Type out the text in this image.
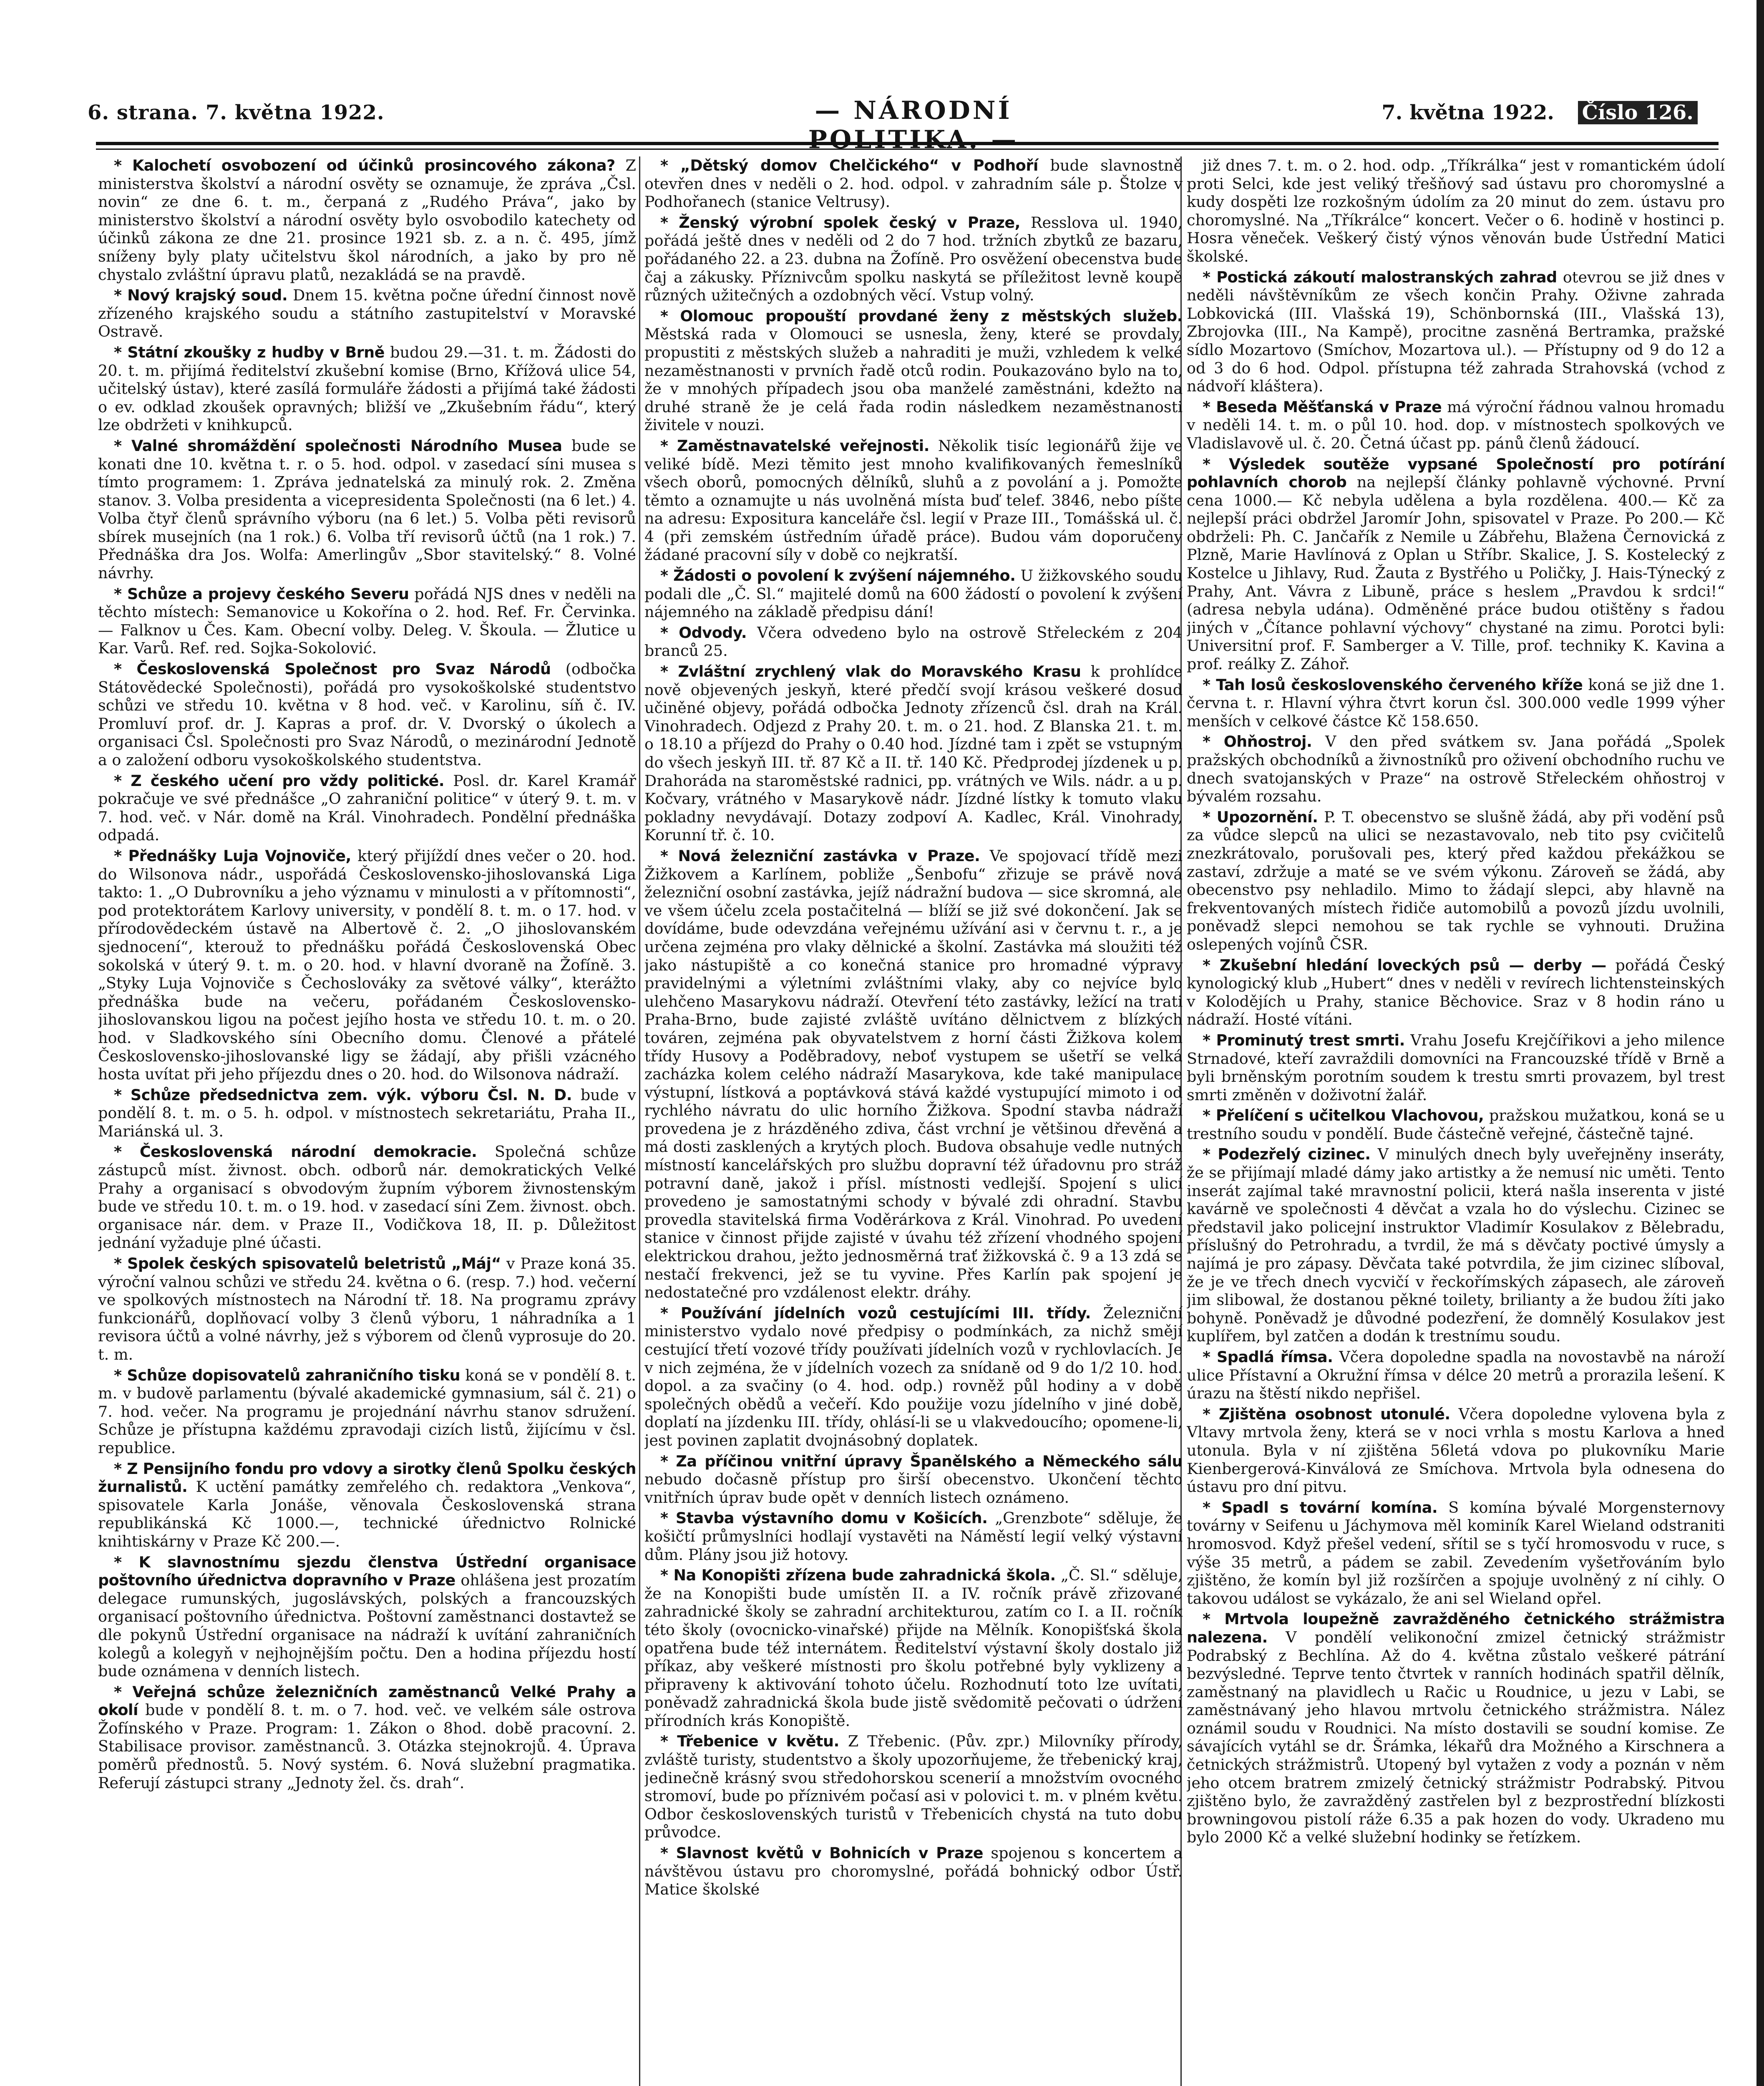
6. strana. 7. května 1922.	— NÁRODNÍ POLITIKA. —
7. května 1922. Číslo 126.

* Kalochetí osvobození od účinků prosincového zákona? Z ministerstva školství a národní osvěty se oznamuje, že zpráva „Čsl. novin“ ze dne 6. t. m., čerpaná z „Rudého Práva“, jako by ministerstvo školství a národní osvěty bylo osvobodilo katechety od účinků zákona ze dne 21. prosince 1921 sb. z. a n. č. 495, jímž sníženy byly platy učitelstvu škol národních, a jako by pro ně chystalo zvláštní úpravu platů, nezakládá se na pravdě.

* Nový krajský soud. Dnem 15. května počne úřední činnost nově zřízeného krajského soudu a státního zastupitelství v Moravské Ostravě.

* Státní zkoušky z hudby v Brně budou 29.—31. t. m. Žádosti do 20. t. m. přijímá ředitelství zkušební komise (Brno, Křížová ulice 54, učitelský ústav), které zasílá formuláře žádosti a přijímá také žádosti o ev. odklad zkoušek opravných; bližší ve „Zkušebním řádu“, který lze obdržeti v knihkupců.

* Valné shromáždění společnosti Národního Musea bude se konati dne 10. května t. r. o 5. hod. odpol. v zasedací síni musea s tímto programem: 1. Zpráva jednatelská za minulý rok. 2. Změna stanov. 3. Volba presidenta a vicepresidenta Společnosti (na 6 let.) 4. Volba čtyř členů správního výboru (na 6 let.) 5. Volba pěti revisorů sbírek musejních (na 1 rok.) 6. Volba tří revisorů účtů (na 1 rok.) 7. Přednáška dra Jos. Wolfa: Amerlingův „Sbor stavitelský.“ 8. Volné návrhy.

* Schůze a projevy českého Severu pořádá NJS dnes v neděli na těchto místech: Semanovice u Kokořína o 2. hod. Ref. Fr. Červinka. — Falknov u Čes. Kam. Obecní volby. Deleg. V. Škoula. — Žlutice u Kar. Varů. Ref. red. Sojka-Sokolović.

* Československá Společnost pro Svaz Národů (odbočka Státovědecké Společnosti), pořádá pro vysokoškolské studentstvo schůzi ve středu 10. května v 8 hod. več. v Karolinu, síň č. IV. Promluví prof. dr. J. Kapras a prof. dr. V. Dvorský o úkolech a organisaci Čsl. Společnosti pro Svaz Národů, o mezinárodní Jednotě a o založení odboru vysokoškolského studentstva.

* Z českého učení pro vždy politické. Posl. dr. Karel Kramář pokračuje ve své přednášce „O zahraniční politice“ v úterý 9. t. m. v 7. hod. več. v Nár. domě na Král. Vinohradech. Pondělní přednáška odpadá.

* Přednášky Luja Vojnoviče, který přijíždí dnes večer o 20. hod. do Wilsonova nádr., uspořádá Československo-jihoslovanská Liga takto: 1. „O Dubrovníku a jeho významu v minulosti a v přítomnosti“, pod protektorátem Karlovy university, v pondělí 8. t. m. o 17. hod. v přírodovědeckém ústavě na Albertově č. 2. „O jihoslovanském sjednocení“, kterouž to přednášku pořádá Československá Obec sokolská v úterý 9. t. m. o 20. hod. v hlavní dvoraně na Žofíně. 3. „Styky Luja Vojnoviče s Čechoslováky za světové války“, kterážto přednáška bude na večeru, pořádaném Československo-jihoslovanskou ligou na počest jejího hosta ve středu 10. t. m. o 20. hod. v Sladkovského síni Obecního domu. Členové a přátelé Československo-jihoslovanské ligy se žádají, aby přišli vzácného hosta uvítat při jeho příjezdu dnes o 20. hod. do Wilsonova nádraží.

* Schůze předsednictva zem. výk. výboru Čsl. N. D. bude v pondělí 8. t. m. o 5. h. odpol. v místnostech sekretariátu, Praha II., Mariánská ul. 3.

* Československá národní demokracie. Společná schůze zástupců míst. živnost. obch. odborů nár. demokratických Velké Prahy a organisací s obvodovým župním výborem živnostenským bude ve středu 10. t. m. o 19. hod. v zasedací síni Zem. živnost. obch. organisace nár. dem. v Praze II., Vodičkova 18, II. p. Důležitost jednání vyžaduje plné účasti.

* Spolek českých spisovatelů beletristů „Máj“ v Praze koná 35. výroční valnou schůzi ve středu 24. května o 6. (resp. 7.) hod. večerní ve spolkových místnostech na Národní tř. 18. Na programu zprávy funkcionářů, doplňovací volby 3 členů výboru, 1 náhradníka a 1 revisora účtů a volné návrhy, jež s výborem od členů vyprosuje do 20. t. m.

* Schůze dopisovatelů zahraničního tisku koná se v pondělí 8. t. m. v budově parlamentu (bývalé akademické gymnasium, sál č. 21) o 7. hod. večer. Na programu je projednání návrhu stanov sdružení. Schůze je přístupna každému zpravodaji cizích listů, žijícímu v čsl. republice.

* Z Pensijního fondu pro vdovy a sirotky členů Spolku českých žurnalistů. K uctění památky zemřelého ch. redaktora „Venkova“, spisovatele Karla Jonáše, věnovala Československá strana republikánská Kč 1000.—, technické úřednictvo Rolnické knihtiskárny v Praze Kč 200.—.

* K slavnostnímu sjezdu členstva Ústřední organisace poštovního úřednictva dopravního v Praze ohlášena jest prozatím delegace rumunských, jugoslávských, polských a francouzských organisací poštovního úřednictva. Poštovní zaměstnanci dostavtež se dle pokynů Ústřední organisace na nádraží k uvítání zahraničních kolegů a kolegyň v nejhojnějším počtu. Den a hodina příjezdu hostí bude oznámena v denních listech.

* Veřejná schůze železničních zaměstnanců Velké Prahy a okolí bude v pondělí 8. t. m. o 7. hod. več. ve velkém sále ostrova Žofínského v Praze. Program: 1. Zákon o 8hod. době pracovní. 2. Stabilisace provisor. zaměstnanců. 3. Otázka stejnokrojů. 4. Úprava poměrů přednostů. 5. Nový systém. 6. Nová služební pragmatika. Referují zástupci strany „Jednoty žel. čs. drah“.

* „Dětský domov Chelčického“ v Podhoří bude slavnostně otevřen dnes v neděli o 2. hod. odpol. v zahradním sále p. Štolze v Podhořanech (stanice Veltrusy).

* Ženský výrobní spolek český v Praze, Resslova ul. 1940, pořádá ještě dnes v neděli od 2 do 7 hod. tržních zbytků ze bazaru, pořádaného 22. a 23. dubna na Žofíně. Pro osvěžení obecenstva bude čaj a zákusky. Příznivcům spolku naskytá se příležitost levně koupě různých užitečných a ozdobných věcí. Vstup volný.

* Olomouc propouští provdané ženy z městských služeb. Městská rada v Olomouci se usnesla, ženy, které se provdaly, propustiti z městských služeb a nahraditi je muži, vzhledem k velké nezaměstnanosti v prvních řadě otců rodin. Poukazováno bylo na to, že v mnohých případech jsou oba manželé zaměstnáni, kdežto na druhé straně že je celá řada rodin následkem nezaměstnanosti živitele v nouzi.

* Zaměstnavatelské veřejnosti. Několik tisíc legionářů žije ve veliké bídě. Mezi těmito jest mnoho kvalifikovaných řemeslníků všech oborů, pomocných dělníků, sluhů a z povolání a j. Pomožte těmto a oznamujte u nás uvolněná místa buď telef. 3846, nebo píšte na adresu: Expositura kanceláře čsl. legií v Praze III., Tomášská ul. č. 4 (při zemském ústředním úřadě práce). Budou vám doporučeny žádané pracovní síly v době co nejkratší.

* Žádosti o povolení k zvýšení nájemného. U žižkovského soudu podali dle „Č. Sl.“ majitelé domů na 600 žádostí o povolení k zvýšení nájemného na základě předpisu dání!

* Odvody. Včera odvedeno bylo na ostrově Střeleckém z 204 branců 25.

* Zvláštní zrychlený vlak do Moravského Krasu k prohlídce nově objevených jeskyň, které předčí svojí krásou veškeré dosud učiněné objevy, pořádá odbočka Jednoty zřízenců čsl. drah na Král. Vinohradech. Odjezd z Prahy 20. t. m. o 21. hod. Z Blanska 21. t. m. o 18.10 a příjezd do Prahy o 0.40 hod. Jízdné tam i zpět se vstupným do všech jeskyň III. tř. 87 Kč a II. tř. 140 Kč. Předprodej jízdenek u p. Drahoráda na staroměstské radnici, pp. vrátných ve Wils. nádr. a u p. Kočvary, vrátného v Masarykově nádr. Jízdné lístky k tomuto vlaku pokladny nevydávají. Dotazy zodpoví A. Kadlec, Král. Vinohrady, Korunní tř. č. 10.

* Nová železniční zastávka v Praze. Ve spojovací třídě mezi Žižkovem a Karlínem, pobliže „Šenbofu“ zřizuje se právě nová železniční osobní zastávka, jejíž nádražní budova — sice skromná, ale ve všem účelu zcela postačitelná — blíží se již své dokončení. Jak se dovídáme, bude odevzdána veřejnému užívání asi v červnu t. r., a je určena zejména pro vlaky dělnické a školní. Zastávka má sloužiti též jako nástupiště a co konečná stanice pro hromadné výpravy pravidelnými a výletními zvláštními vlaky, aby co nejvíce bylo ulehčeno Masarykovu nádraží. Otevření této zastávky, ležící na trati Praha-Brno, bude zajisté zvláště uvítáno dělnictvem z blízkých továren, zejména pak obyvatelstvem z horní části Žižkova kolem třídy Husovy a Poděbradovy, neboť vystupem se ušetří se velká zacházka kolem celého nádraží Masarykova, kde také manipulace výstupní, lístková a poptávková stává každé vystupující mimoto i od rychlého návratu do ulic horního Žižkova. Spodní stavba nádraží provedena je z hrázděného zdiva, část vrchní je většinou dřevěná a má dosti zasklených a krytých ploch. Budova obsahuje vedle nutných místností kancelářských pro službu dopravní též úřadovnu pro stráž potravní daně, jakož i přísl. místnosti vedlejší. Spojení s ulicí provedeno je samostatnými schody v bývalé zdi ohradní. Stavbu provedla stavitelská firma Voděrárkova z Král. Vinohrad. Po uvedení stanice v činnost přijde zajisté v úvahu též zřízení vhodného spojení elektrickou drahou, ježto jednosměrná trať žižkovská č. 9 a 13 zdá se nestačí frekvenci, jež se tu vyvine. Přes Karlín pak spojení je nedostatečné pro vzdálenost elektr. dráhy.

* Používání jídelních vozů cestujícími III. třídy. Železniční ministerstvo vydalo nové předpisy o podmínkách, za nichž smějí cestující třetí vozové třídy používati jídelních vozů v rychlovlacích. Je v nich zejména, že v jídelních vozech za snídaně od 9 do 1/2 10. hod. dopol. a za svačiny (o 4. hod. odp.) rovněž půl hodiny a v době společných obědů a večeří. Kdo použije vozu jídelního v jiné době, doplatí na jízdenku III. třídy, ohlásí-li se u vlakvedoucího; opomene-li, jest povinen zaplatit dvojnásobný doplatek.

* Za příčinou vnitřní úpravy Španělského a Německého sálu nebudo dočasně přístup pro širší obecenstvo. Ukončení těchto vnitřních úprav bude opět v denních listech oznámeno.

* Stavba výstavního domu v Košicích. „Grenzbote“ sděluje, že košičtí průmyslníci hodlají vystavěti na Náměstí legií velký výstavní dům. Plány jsou již hotovy.

* Na Konopišti zřízena bude zahradnická škola. „Č. Sl.“ sděluje, že na Konopišti bude umístěn II. a IV. ročník právě zřizované zahradnické školy se zahradní architekturou, zatím co I. a II. ročník této školy (ovocnicko-vinařské) přijde na Mělník. Konopišťská škola opatřena bude též internátem. Ředitelství výstavní školy dostalo již příkaz, aby veškeré místnosti pro školu potřebné byly vyklizeny a připraveny k aktivování tohoto účelu. Rozhodnutí toto lze uvítati, poněvadž zahradnická škola bude jistě svědomitě pečovati o údržení přírodních krás Konopiště.

* Třebenice v květu. Z Třebenic. (Pův. zpr.) Milovníky přírody, zvláště turisty, studentstvo a školy upozorňujeme, že třebenický kraj, jedinečně krásný svou středohorskou scenerií a množstvím ovocného stromoví, bude po příznivém počasí asi v polovici t. m. v plném květu. Odbor československých turistů v Třebenicích chystá na tuto dobu průvodce.

* Slavnost květů v Bohnicích v Praze spojenou s koncertem a návštěvou ústavu pro choromyslné, pořádá bohnický odbor Ústř. Matice školské

již dnes 7. t. m. o 2. hod. odp. „Tříkrálka“ jest v romantickém údolí proti Selci, kde jest veliký třešňový sad ústavu pro choromyslné a kudy dospěti lze rozkošným údolím za 20 minut do zem. ústavu pro choromyslné. Na „Tříkrálce“ koncert. Večer o 6. hodině v hostinci p. Hosra věneček. Veškerý čistý výnos věnován bude Ústřední Matici školské.

* Postická zákoutí malostranských zahrad otevrou se již dnes v neděli návštěvníkům ze všech končin Prahy. Oživne zahrada Lobkovická (III. Vlašská 19), Schönbornská (III., Vlašská 13), Zbrojovka (III., Na Kampě), procitne zasněná Bertramka, pražské sídlo Mozartovo (Smíchov, Mozartova ul.). — Přístupny od 9 do 12 a od 3 do 6 hod. Odpol. přístupna též zahrada Strahovská (vchod z nádvoří kláštera).

* Beseda Měšťanská v Praze má výroční řádnou valnou hromadu v neděli 14. t. m. o půl 10. hod. dop. v místnostech spolkových ve Vladislavově ul. č. 20. Četná účast pp. pánů členů žádoucí.

* Výsledek soutěže vypsané Společností pro potírání pohlavních chorob na nejlepší články pohlavně výchovné. První cena 1000.— Kč nebyla udělena a byla rozdělena. 400.— Kč za nejlepší práci obdržel Jaromír John, spisovatel v Praze. Po 200.— Kč obdrželi: Ph. C. Jančařík z Nemile u Zábřehu, Blažena Černovická z Plzně, Marie Havlínová z Oplan u Stříbr. Skalice, J. S. Kostelecký z Kostelce u Jihlavy, Rud. Žauta z Bystřého u Poličky, J. Hais-Týnecký z Prahy, Ant. Vávra z Libuně, práce s heslem „Pravdou k srdci!“ (adresa nebyla udána). Odměněné práce budou otištěny s řadou jiných v „Čítance pohlavní výchovy“ chystané na zimu. Porotci byli: Universitní prof. F. Samberger a V. Tille, prof. techniky K. Kavina a prof. reálky Z. Záhoř.

* Tah losů československého červeného kříže koná se již dne 1. června t. r. Hlavní výhra čtvrt korun čsl. 300.000 vedle 1999 výher menších v celkové částce Kč 158.650.

* Ohňostroj. V den před svátkem sv. Jana pořádá „Spolek pražských obchodníků a živnostníků pro oživení obchodního ruchu ve dnech svatojanských v Praze“ na ostrově Střeleckém ohňostroj v bývalém rozsahu.

* Upozornění. P. T. obecenstvo se slušně žádá, aby při vodění psů za vůdce slepců na ulici se nezastavovalo, neb tito psy cvičitelů znezkrátovalo, porušovali pes, který před každou překážkou se zastaví, zdržuje a maté se ve svém výkonu. Zároveň se žádá, aby obecenstvo psy nehladilo. Mimo to žádají slepci, aby hlavně na frekventovaných místech řidiče automobilů a povozů jízdu uvolnili, poněvadž slepci nemohou se tak rychle se vyhnouti. Družina oslepených vojínů ČSR.

* Zkušební hledání loveckých psů — derby — pořádá Český kynologický klub „Hubert“ dnes v neděli v revírech lichtensteinských v Kolodějích u Prahy, stanice Běchovice. Sraz v 8 hodin ráno u nádraží. Hosté vítáni.

* Prominutý trest smrti. Vrahu Josefu Krejčířikovi a jeho milence Strnadové, kteří zavraždili domovníci na Francouzské třídě v Brně a byli brněnským porotním soudem k trestu smrti provazem, byl trest smrti změněn v doživotní žalář.

* Přelíčení s učitelkou Vlachovou, pražskou mužatkou, koná se u trestního soudu v pondělí. Bude částečně veřejné, částečně tajné.

* Podezřelý cizinec. V minulých dnech byly uveřejněny inseráty, že se přijímají mladé dámy jako artistky a že nemusí nic uměti. Tento inserát zajímal také mravnostní policii, která našla inserenta v jisté kavárně ve společnosti 4 děvčat a vzala ho do výslechu. Cizinec se představil jako policejní instruktor Vladimír Kosulakov z Bělebradu, příslušný do Petrohradu, a tvrdil, že má s děvčaty poctivé úmysly a najímá je pro zápasy. Děvčata také potvrdila, že jim cizinec slíboval, že je ve třech dnech vycvičí v řeckořímských zápasech, ale zároveň jim slibowal, že dostanou pěkné toilety, brilianty a že budou žíti jako bohyně. Poněvadž je důvodné podezření, že domnělý Kosulakov jest kuplířem, byl zatčen a dodán k trestnímu soudu.

* Spadlá římsa. Včera dopoledne spadla na novostavbě na nároží ulice Přístavní a Okružní římsa v délce 20 metrů a prorazila lešení. K úrazu na štěstí nikdo nepřišel.

* Zjištěna osobnost utonulé. Včera dopoledne vylovena byla z Vltavy mrtvola ženy, která se v noci vrhla s mostu Karlova a hned utonula. Byla v ní zjištěna 56letá vdova po plukovníku Marie Kienbergerová-Kinválová ze Smíchova. Mrtvola byla odnesena do ústavu pro dní pitvu.

* Spadl s tovární komína. S komína bývalé Morgensternovy továrny v Seifenu u Jáchymova měl kominík Karel Wieland odstraniti hromosvod. Když přešel vedení, sřítil se s tyčí hromosvodu v ruce, s výše 35 metrů, a pádem se zabil. Zevedením vyšetřováním bylo zjištěno, že komín byl již rozšírčen a spojuje uvolněný z ní cihly. O takovou událost se vykázalo, že ani sel Wieland opřel.

* Mrtvola loupežně zavražděného četnického strážmistra nalezena. V pondělí velikonoční zmizel četnický strážmistr Podrabský z Bechlína. Až do 4. května zůstalo veškeré pátrání bezvýsledné. Teprve tento čtvrtek v ranních hodinách spatřil dělník, zaměstnaný na plavidlech u Račic u Roudnice, u jezu v Labi, se zaměstnávaný jeho hlavou mrtvolu četnického strážmistra. Nález oznámil soudu v Roudnici. Na místo dostavili se soudní komise. Ze sávajících vytáhl se dr. Šrámka, lékařů dra Možného a Kirschnera a četnických strážmistrů. Utopený byl vytažen z vody a poznán v něm jeho otcem bratrem zmizelý četnický strážmistr Podrabský. Pitvou zjištěno bylo, že zavražděný zastřelen byl z bezprostřední blízkosti browningovou pistolí ráže 6.35 a pak hozen do vody. Ukradeno mu bylo 2000 Kč a velké služební hodinky se řetízkem.
